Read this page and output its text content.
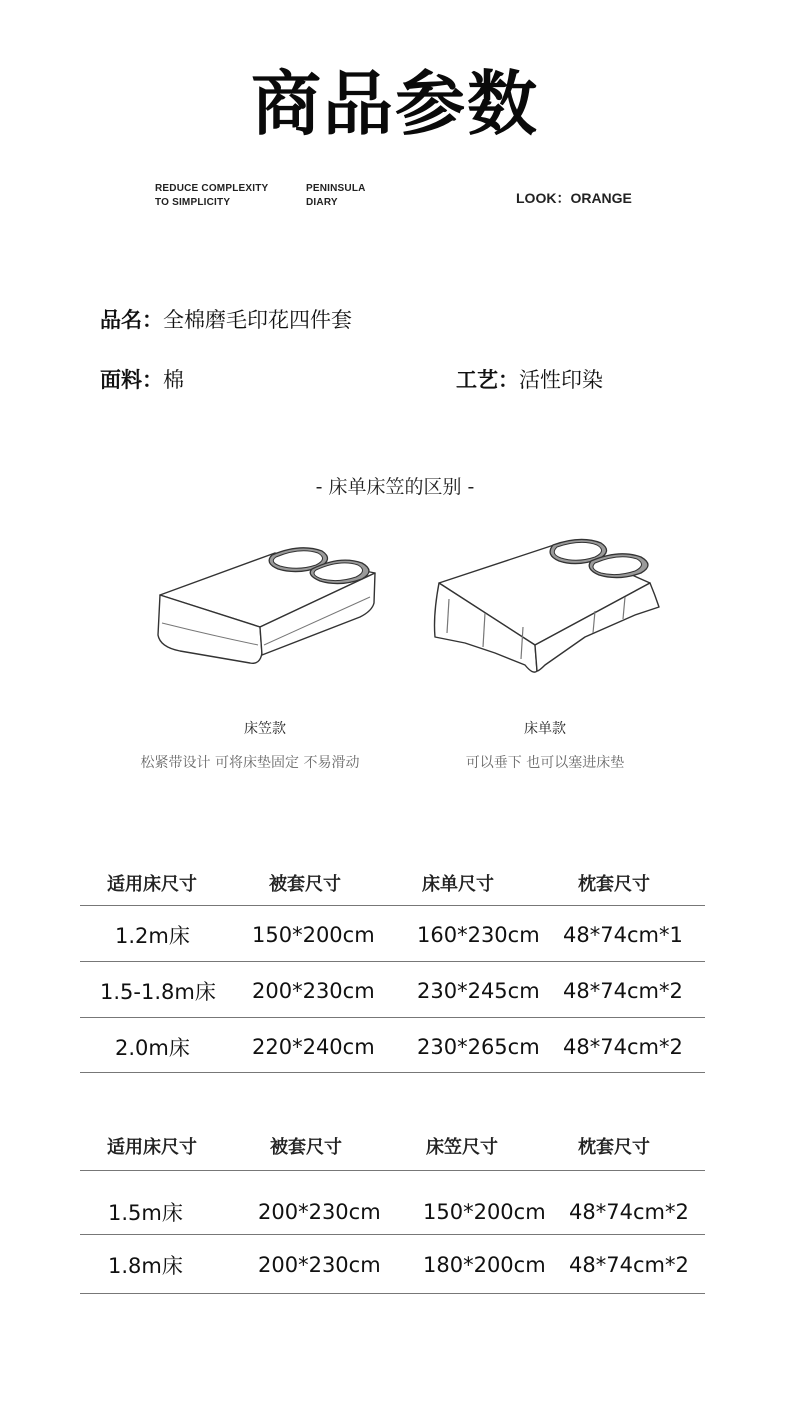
商品参数
REDUCE COMPLEXITY
TO SIMPLICITY
PENINSULA
DIARY	LOOK：ORANGE
品名：全棉磨毛印花四件套
面料：棉	工艺：活性印染
- 床单床笠的区别 -
床笠款
松紧带设计 可将床垫固定 不易滑动
床单款
可以垂下 也可以塞进床垫
适用床尺寸	被套尺寸	床单尺寸	枕套尺寸
1.2m床	150*200cm 160*230cm 48*74cm*1
1.5-1.8m床 200*230cm 230*245cm 48*74cm*2
2.0m床	220*240cm 230*265cm 48*74cm*2
适用床尺寸	被套尺寸	床笠尺寸	枕套尺寸
1.5m床	200*230cm 150*200cm 48*74cm*2
1.8m床	200*230cm 180*200cm 48*74cm*2
